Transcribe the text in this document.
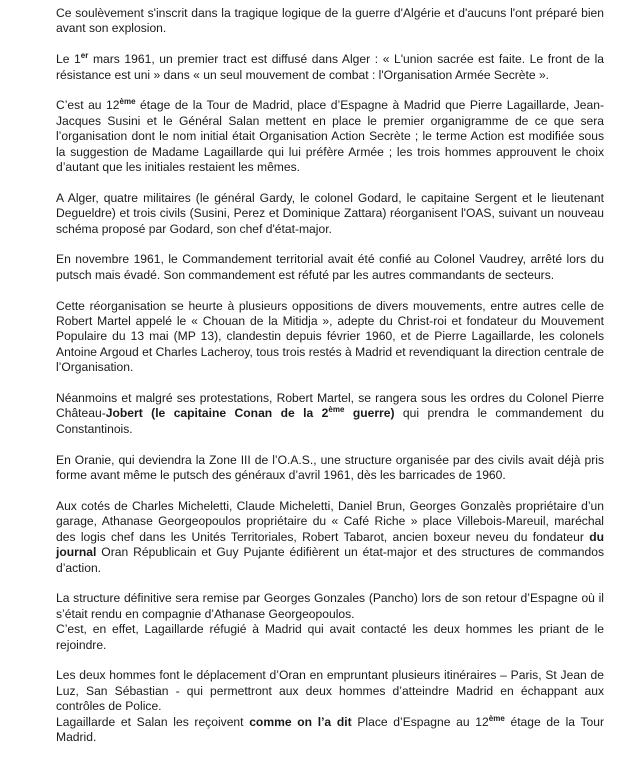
Ce soulèvement s'inscrit dans la tragique logique de la guerre d'Algérie et d'aucuns l'ont préparé bien avant son explosion.

Le 1er mars 1961, un premier tract est diffusé dans Alger : « L'union sacrée est faite. Le front de la résistance est uni » dans « un seul mouvement de combat : l'Organisation Armée Secrète ».

C’est au 12ème étage de la Tour de Madrid, place d’Espagne à Madrid que Pierre Lagaillarde, Jean-Jacques Susini et le Général Salan mettent en place le premier organigramme de ce que sera l’organisation dont le nom initial était Organisation Action Secrète ; le terme Action est modifiée sous la suggestion de Madame Lagaillarde qui lui préfère Armée ; les trois hommes approuvent le choix d’autant que les initiales restaient les mêmes.

A Alger, quatre militaires (le général Gardy, le colonel Godard, le capitaine Sergent et le lieutenant Degueldre) et trois civils (Susini, Perez et Dominique Zattara) réorganisent l'OAS, suivant un nouveau schéma proposé par Godard, son chef d'état-major.

En novembre 1961, le Commandement territorial avait été confié au Colonel Vaudrey, arrêté lors du putsch mais évadé. Son commandement est réfuté par les autres commandants de secteurs.

Cette réorganisation se heurte à plusieurs oppositions de divers mouvements, entre autres celle de Robert Martel appelé le « Chouan de la Mitidja », adepte du Christ-roi et fondateur du Mouvement Populaire du 13 mai (MP 13), clandestin depuis février 1960, et de Pierre Lagaillarde, les colonels Antoine Argoud et Charles Lacheroy, tous trois restés à Madrid et revendiquant la direction centrale de l’Organisation.

Néanmoins et malgré ses protestations, Robert Martel, se rangera sous les ordres du Colonel Pierre Château-Jobert (le capitaine Conan de la 2ème guerre) qui prendra le commandement du Constantinois.

En Oranie, qui deviendra la Zone III de l’O.A.S., une structure organisée par des civils avait déjà pris forme avant même le putsch des généraux d’avril 1961, dès les barricades de 1960.

Aux cotés de Charles Micheletti, Claude Micheletti, Daniel Brun, Georges Gonzalès propriétaire d’un garage, Athanase Georgeopoulos propriétaire du « Café Riche » place Villebois-Mareuil, maréchal des logis chef dans les Unités Territoriales, Robert Tabarot, ancien boxeur neveu du fondateur du journal Oran Républicain et Guy Pujante édifièrent un état-major et des structures de commandos d’action.

La structure définitive sera remise par Georges Gonzales (Pancho) lors de son retour d’Espagne où il s’était rendu en compagnie d’Athanase Georgeopoulos.

C’est, en effet, Lagaillarde réfugié à Madrid qui avait contacté les deux hommes les priant de le rejoindre.

Les deux hommes font le déplacement d’Oran en empruntant plusieurs itinéraires – Paris, St Jean de Luz, San Sébastian - qui permettront aux deux hommes d’atteindre Madrid en échappant aux contrôles de Police.

Lagaillarde et Salan les reçoivent comme on l’a dit Place d’Espagne au 12ème étage de la Tour Madrid.
